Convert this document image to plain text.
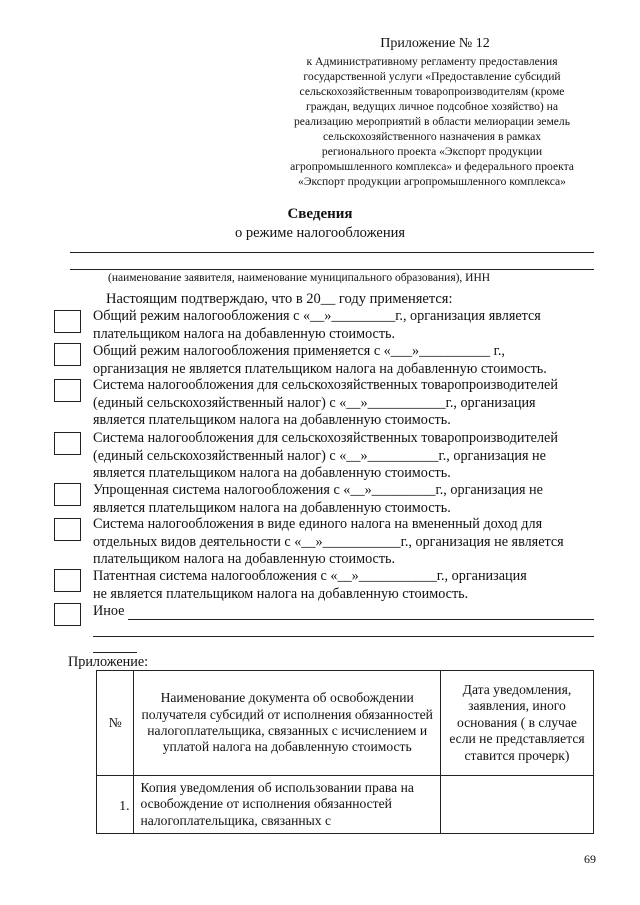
Приложение № 12
к Административному регламенту предоставления
государственной услуги «Предоставление субсидий
сельскохозяйственным товаропроизводителям (кроме
граждан, ведущих личное подсобное хозяйство) на
реализацию мероприятий в области мелиорации земель
сельскохозяйственного назначения в рамках
регионального проекта «Экспорт продукции
агропромышленного комплекса» и федерального проекта
«Экспорт продукции агропромышленного комплекса»
Сведения
о режиме налогообложения
(наименование заявителя, наименование муниципального образования), ИНН
Настоящим подтверждаю, что в 20__ году применяется:
Общий режим налогообложения с «__»_________г., организация является
плательщиком налога на добавленную стоимость.
Общий режим налогообложения применяется с «___»__________ г.,
организация не является плательщиком налога на добавленную стоимость.
Система налогообложения для сельскохозяйственных товаропроизводителей
(единый сельскохозяйственный налог) с «__»___________г., организация
является плательщиком налога на добавленную стоимость.
Система налогообложения для сельскохозяйственных товаропроизводителей
(единый сельскохозяйственный налог) с «__»__________г., организация не
является плательщиком налога на добавленную стоимость.
Упрощенная система налогообложения с «__»_________г., организация не
является плательщиком налога на добавленную стоимость.
Система налогообложения в виде единого налога на вмененный доход для
отдельных видов деятельности с «__»___________г., организация не является
плательщиком налога на добавленную стоимость.
Патентная система налогообложения с «__»___________г., организация
не является плательщиком налога на добавленную стоимость.
Иное
Приложение:
№	Наименование документа об освобождении получателя субсидий от исполнения обязанностей налогоплательщика, связанных с исчислением и уплатой налога на добавленную стоимость	Дата уведомления, заявления, иного основания ( в случае если не представляется ставится прочерк)
1.	Копия уведомления об использовании права на освобождение от исполнения обязанностей налогоплательщика, связанных с	
69
